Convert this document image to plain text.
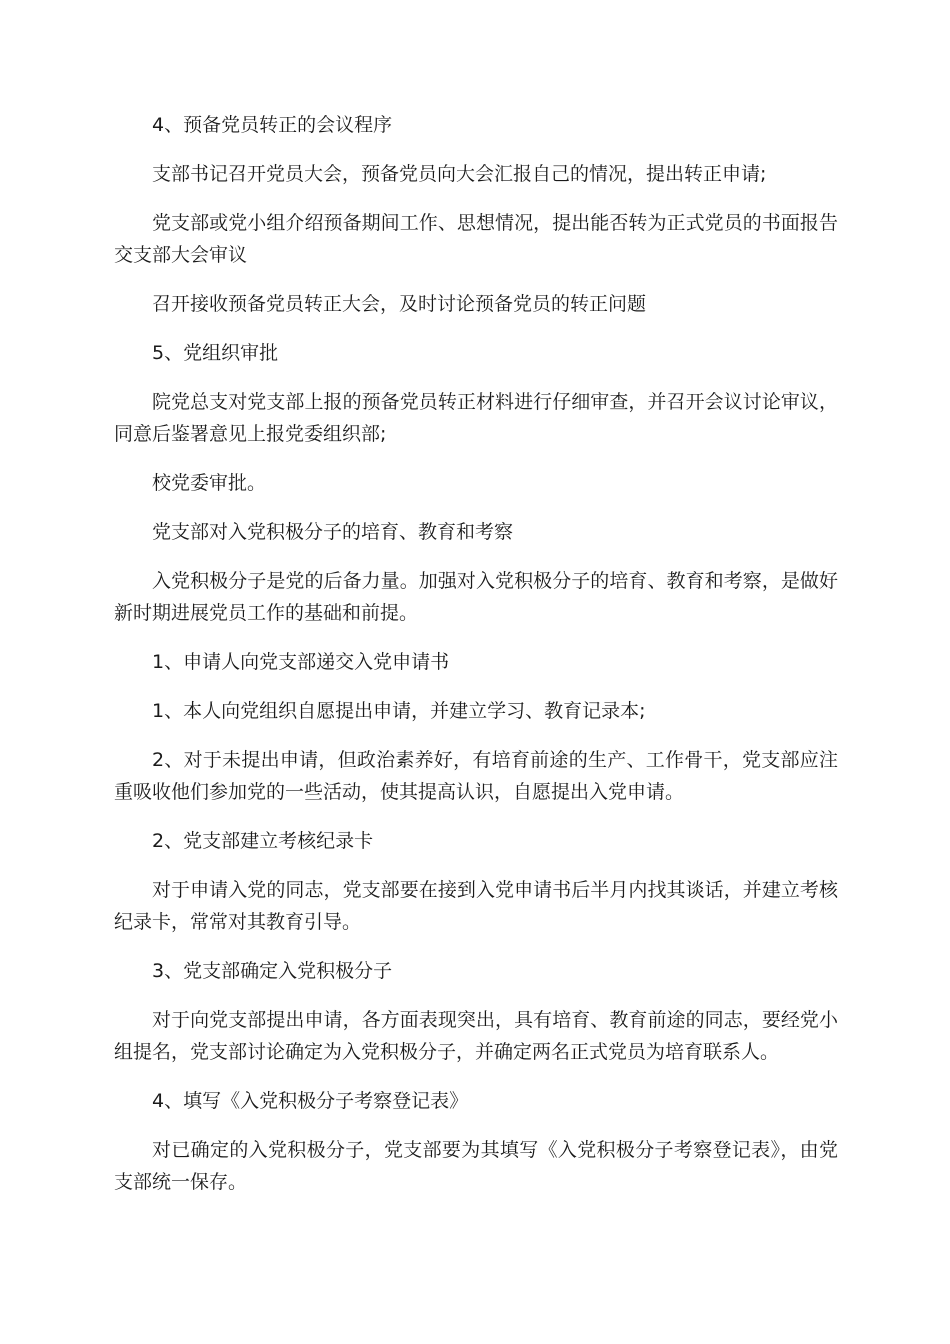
4、预备党员转正的会议程序

支部书记召开党员大会，预备党员向大会汇报自己的情况，提出转正申请;

党支部或党小组介绍预备期间工作、思想情况，提出能否转为正式党员的书面报告交支部大会审议

召开接收预备党员转正大会，及时讨论预备党员的转正问题

5、党组织审批

院党总支对党支部上报的预备党员转正材料进行仔细审查，并召开会议讨论审议，同意后鉴署意见上报党委组织部;

校党委审批。

党支部对入党积极分子的培育、教育和考察

入党积极分子是党的后备力量。加强对入党积极分子的培育、教育和考察，是做好新时期进展党员工作的基础和前提。

1、申请人向党支部递交入党申请书

1、本人向党组织自愿提出申请，并建立学习、教育记录本;

2、对于未提出申请，但政治素养好，有培育前途的生产、工作骨干，党支部应注重吸收他们参加党的一些活动，使其提高认识，自愿提出入党申请。

2、党支部建立考核纪录卡

对于申请入党的同志，党支部要在接到入党申请书后半月内找其谈话，并建立考核纪录卡，常常对其教育引导。

3、党支部确定入党积极分子

对于向党支部提出申请，各方面表现突出，具有培育、教育前途的同志，要经党小组提名，党支部讨论确定为入党积极分子，并确定两名正式党员为培育联系人。

4、填写《入党积极分子考察登记表》

对已确定的入党积极分子，党支部要为其填写《入党积极分子考察登记表》，由党支部统一保存。
